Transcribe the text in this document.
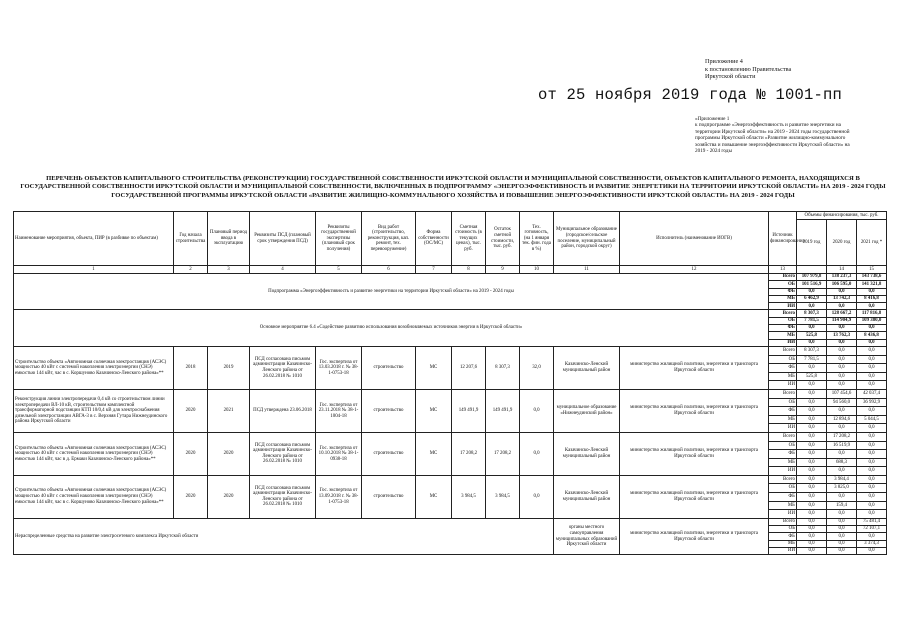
Приложение 4
к постановлению Правительства
Иркутской области
от 25 ноября 2019 года № 1001-пп
«Приложение 1
к подпрограмме «Энергоэффективность и развитие энергетики на
территории Иркутской области» на 2019 - 2024 годы государственной
программы Иркутской области «Развитие жилищно-коммунального
хозяйства и повышение энергоэффективности Иркутской области» на
2019 - 2024 годы
ПЕРЕЧЕНЬ ОБЪЕКТОВ КАПИТАЛЬНОГО СТРОИТЕЛЬСТВА (РЕКОНСТРУКЦИИ) ГОСУДАРСТВЕННОЙ СОБСТВЕННОСТИ ИРКУТСКОЙ ОБЛАСТИ И МУНИЦИПАЛЬНОЙ СОБСТВЕННОСТИ, ОБЪЕКТОВ КАПИТАЛЬНОГО РЕМОНТА, НАХОДЯЩИХСЯ В ГОСУДАРСТВЕННОЙ СОБСТВЕННОСТИ ИРКУТСКОЙ ОБЛАСТИ И МУНИЦИПАЛЬНОЙ СОБСТВЕННОСТИ, ВКЛЮЧЕННЫХ В ПОДПРОГРАММУ «ЭНЕРГОЭФФЕКТИВНОСТЬ И РАЗВИТИЕ ЭНЕРГЕТИКИ НА ТЕРРИТОРИИ ИРКУТСКОЙ ОБЛАСТИ» НА 2019 - 2024 ГОДЫ ГОСУДАРСТВЕННОЙ ПРОГРАММЫ ИРКУТСКОЙ ОБЛАСТИ «РАЗВИТИЕ ЖИЛИЩНО-КОММУНАЛЬНОГО ХОЗЯЙСТВА И ПОВЫШЕНИЕ ЭНЕРГОЭФФЕКТИВНОСТИ ИРКУТСКОЙ ОБЛАСТИ» НА 2019 - 2024 ГОДЫ
Наименование мероприятия, объекта, ПИР (в разбивке по объектам)	Год начала строительства	Плановый период ввода в эксплуатацию	Реквизиты ПСД (плановый срок утверждения ПСД)	Реквизиты государственной экспертизы (плановый срок получения)	Вид работ (строительство, реконструкция, кап. ремонт, тех. перевооружение)	Форма собственности (ОС/МС)	Сметная стоимость (в текущих ценах), тыс. руб.	Остаток сметной стоимости, тыс. руб.	Тех. готовность, (на 1 января тек. фин. года в %)	Муниципальное образование (городское/сельское поселение, муниципальный район, городской округ)	Исполнитель (наименование ИОГВ)	Источник финансирования	Объемы финансирования, тыс. руб.		
													2019 год	2020 год	2021 год *
1	2	3	4	5	6	7	8	9	10	11	12	13		14	15
Подпрограмма «Энергоэффективность и развитие энергетики на территории Иркутской области» на 2019 - 2024 годы												Всего	107 979,8	138 237,3	143 738,6
												ОБ	101 516,9	106 595,0	141 321,8
												ФБ	0,0	0,0	0,0
												МБ	6 462,9	13 742,3	8 416,8
												ИИ	0,0	0,0	0,0
Основное мероприятие 6.4 «Содействие развитию использования возобновляемых источников энергии в Иркутской области»												Всего	8 307,3	128 667,2	117 816,8
												ОБ	7 781,5	114 904,9	109 380,0
												ФБ	0,0	0,0	0,0
												МБ	525,8	13 762,3	8 436,8
												ИИ	0,0	0,0	0,0
Строительство объекта «Автономная солнечная электростанция (АСЭС) мощностью 40 кВт с системой накопления электроэнергии (СНЭ) емкостью 144 кВт, час в с. Коршуново Казачинско-Ленского района»**	2018	2019	ПСД согласована письмом администрации Казачинско-Ленского района от 26.02.2018 № 1010	Гос. экспертиза от 13.03.2018 г. № 38-1-0753-18	строительство	МС	12 207,6	8 307,3	32,0	Казачинско-Ленский муниципальный район	министерство жилищной политики, энергетики и транспорта Иркутской области	Всего	8 307,3	0,0	0,0
												ОБ	7 781,5	0,0	0,0
												ФБ	0,0	0,0	0,0
												МБ	525,8	0,0	0,0
												ИИ	0,0	0,0	0,0
Реконструкция линии электропередачи 0,4 кВ со строительством линии электропередачи ВЛ-10 кВ, строительством комплектной трансформаторной подстанции КТП 10/0,4 кВ для электроснабжения дизельной электростанции АВГА-3 в с. Верхняя Гутара Нижнеудинского района Иркутской области	2020	2021	ПСД утверждена 23.06.2018	Гос. экспертиза от 23.11.2018 № 38-1-1004-18	строительство	МС	149 491,9	149 491,9	0,0	муниципальное образование «Нижнеудинский район»	министерство жилищной политики, энергетики и транспорта Иркутской области	Всего	0,0	107 454,6	42 037,4
												ОБ	0,0	94 560,0	36 992,9
												ФБ	0,0	0,0	0,0
												МБ	0,0	12 894,6	5 044,5
												ИИ	0,0	0,0	0,0
Строительство объекта «Автономная солнечная электростанция (АСЭС) мощностью 40 кВт с системой накопления электроэнергии (СНЭ) емкостью 144 кВт, час в д. Ермаки Казачинско-Ленского района»**	2020	2020	ПСД согласована письмом администрации Казачинско-Ленского района от 26.02.2018 № 1010	Гос. экспертиза от 10.10.2018 № 38-1-0938-18	строительство	МС	17 208,2	17 208,2	0,0	Казачинско-Ленский муниципальный район	министерство жилищной политики, энергетики и транспорта Иркутской области	Всего	0,0	17 208,2	0,0
												ОБ	0,0	16 519,9	0,0
												ФБ	0,0	0,0	0,0
												МБ	0,0	688,3	0,0
												ИИ	0,0	0,0	0,0
Строительство объекта «Автономная солнечная электростанция (АСЭС) мощностью 40 кВт с системой накопления электроэнергии (СНЭ) емкостью 144 кВт, час в с. Коршуново Казачинско-Ленского района»**	2020	2020	ПСД согласована письмом администрации Казачинско-Ленского района от 26.02.2018 № 1010	Гос. экспертиза от 13.09.2018 г. № 38-1-0753-18	строительство	МС	3 984,5	3 984,5	0,0	Казачинско-Ленский муниципальный район	министерство жилищной политики, энергетики и транспорта Иркутской области	Всего	0,0	3 984,4	0,0
												ОБ	0,0	3 825,0	0,0
												ФБ	0,0	0,0	0,0
												МБ	0,0	159,4	0,0
												ИИ	0,0	0,0	0,0
Нераспределенные средства на развитие электросетевого комплекса Иркутской области										органы местного самоуправления муниципальных образований Иркутской области	министерство жилищной политики, энергетики и транспорта Иркутской области	Всего	0,0	0,0	75 481,4
												ОБ	0,0	0,0	72 107,1
												ФБ	0,0	0,0	0,0
												МБ	0,0	0,0	3 374,3
												ИИ	0,0	0,0	0,0
